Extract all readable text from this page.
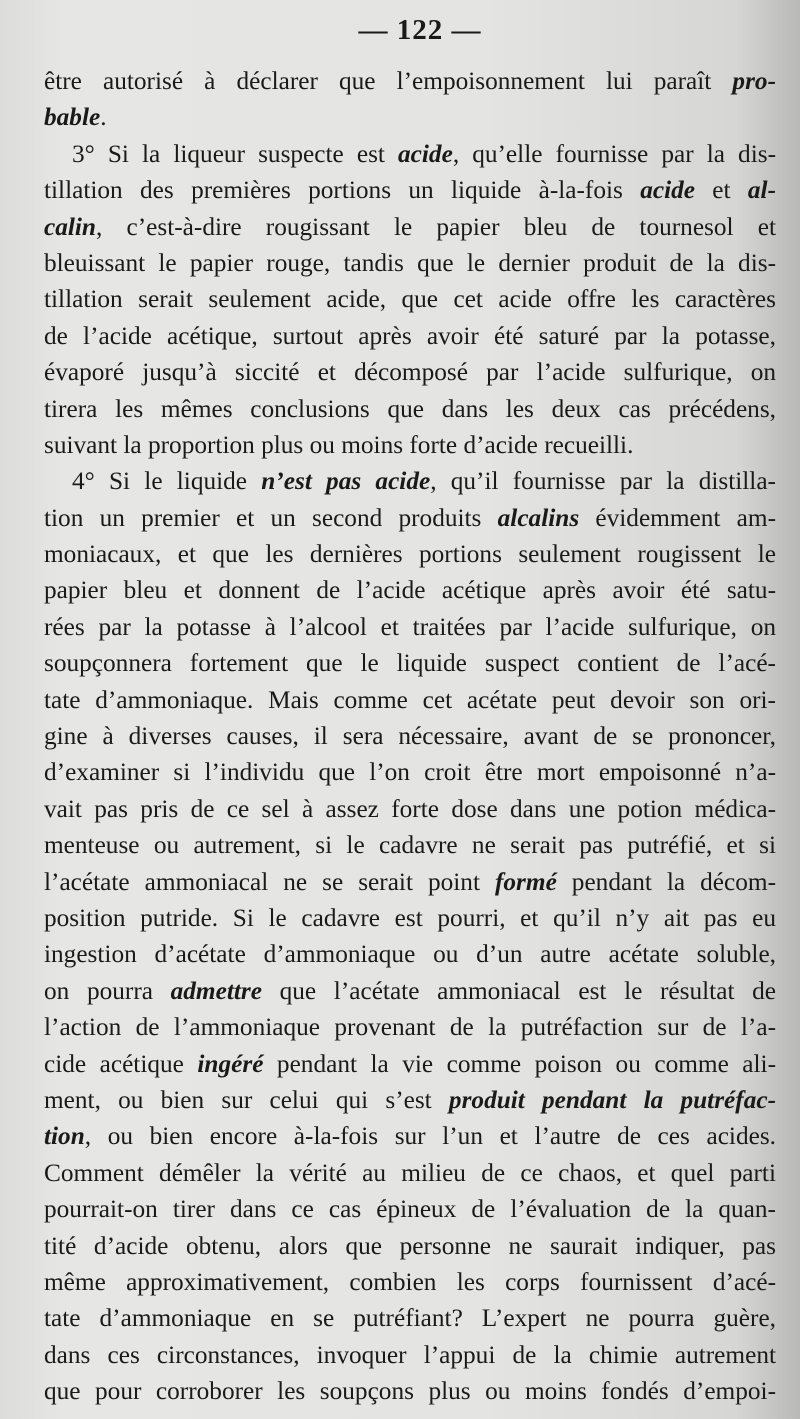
— 122 —
être autorisé à déclarer que l’empoisonnement lui paraît pro-
bable.
3° Si la liqueur suspecte est acide, qu’elle fournisse par la dis-
tillation des premières portions un liquide à-la-fois acide et al-
calin, c’est-à-dire rougissant le papier bleu de tournesol et
bleuissant le papier rouge, tandis que le dernier produit de la dis-
tillation serait seulement acide, que cet acide offre les caractères
de l’acide acétique, surtout après avoir été saturé par la potasse,
évaporé jusqu’à siccité et décomposé par l’acide sulfurique, on
tirera les mêmes conclusions que dans les deux cas précédens,
suivant la proportion plus ou moins forte d’acide recueilli.
4° Si le liquide n’est pas acide, qu’il fournisse par la distilla-
tion un premier et un second produits alcalins évidemment am-
moniacaux, et que les dernières portions seulement rougissent le
papier bleu et donnent de l’acide acétique après avoir été satu-
rées par la potasse à l’alcool et traitées par l’acide sulfurique, on
soupçonnera fortement que le liquide suspect contient de l’acé-
tate d’ammoniaque. Mais comme cet acétate peut devoir son ori-
gine à diverses causes, il sera nécessaire, avant de se prononcer,
d’examiner si l’individu que l’on croit être mort empoisonné n’a-
vait pas pris de ce sel à assez forte dose dans une potion médica-
menteuse ou autrement, si le cadavre ne serait pas putréfié, et si
l’acétate ammoniacal ne se serait point formé pendant la décom-
position putride. Si le cadavre est pourri, et qu’il n’y ait pas eu
ingestion d’acétate d’ammoniaque ou d’un autre acétate soluble,
on pourra admettre que l’acétate ammoniacal est le résultat de
l’action de l’ammoniaque provenant de la putréfaction sur de l’a-
cide acétique ingéré pendant la vie comme poison ou comme ali-
ment, ou bien sur celui qui s’est produit pendant la putréfac-
tion, ou bien encore à-la-fois sur l’un et l’autre de ces acides.
Comment démêler la vérité au milieu de ce chaos, et quel parti
pourrait-on tirer dans ce cas épineux de l’évaluation de la quan-
tité d’acide obtenu, alors que personne ne saurait indiquer, pas
même approximativement, combien les corps fournissent d’acé-
tate d’ammoniaque en se putréfiant? L’expert ne pourra guère,
dans ces circonstances, invoquer l’appui de la chimie autrement
que pour corroborer les soupçons plus ou moins fondés d’empoi-
